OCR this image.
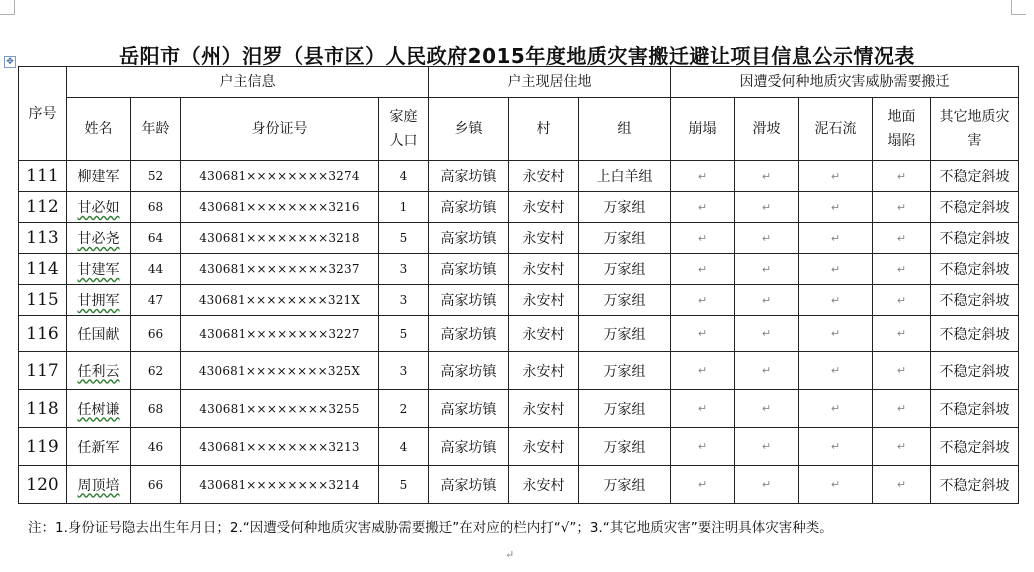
✥	岳阳市（州）汨罗（县市区）人民政府2015年度地质灾害搬迁避让项目信息公示情况表
序号	户主信息				户主现居住地			因遭受何种地质灾害威胁需要搬迁				
	姓名	年龄	身份证号	家庭人口	乡镇	村	组	崩塌	滑坡	泥石流	地面塌陷	其它地质灾害
111	柳建军	52	430681××××××××3274	4	高家坊镇	永安村	上白羊组	↵	↵	↵	↵	不稳定斜坡
112	甘必如	68	430681××××××××3216	1	高家坊镇	永安村	万家组	↵	↵	↵	↵	不稳定斜坡
113	甘必尧	64	430681××××××××3218	5	高家坊镇	永安村	万家组	↵	↵	↵	↵	不稳定斜坡
114	甘建军	44	430681××××××××3237	3	高家坊镇	永安村	万家组	↵	↵	↵	↵	不稳定斜坡
115	甘拥军	47	430681××××××××321X	3	高家坊镇	永安村	万家组	↵	↵	↵	↵	不稳定斜坡
116	任国献	66	430681××××××××3227	5	高家坊镇	永安村	万家组	↵	↵	↵	↵	不稳定斜坡
117	任利云	62	430681××××××××325X	3	高家坊镇	永安村	万家组	↵	↵	↵	↵	不稳定斜坡
118	任树谦	68	430681××××××××3255	2	高家坊镇	永安村	万家组	↵	↵	↵	↵	不稳定斜坡
119	任新军	46	430681××××××××3213	4	高家坊镇	永安村	万家组	↵	↵	↵	↵	不稳定斜坡
120	周顶培	66	430681××××××××3214	5	高家坊镇	永安村	万家组	↵	↵	↵	↵	不稳定斜坡
注：1.身份证号隐去出生年月日；2.“因遭受何种地质灾害威胁需要搬迁”在对应的栏内打“√”；3.“其它地质灾害”要注明具体灾害种类。
↵
